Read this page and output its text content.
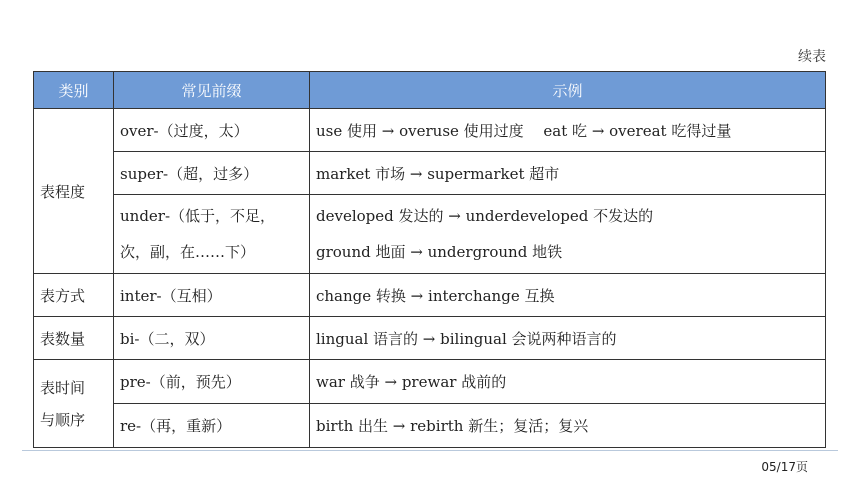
续表
类别	常见前缀	示例
表程度	over-（过度，太）	use 使用 → overuse 使用过度　 eat 吃 → overeat 吃得过量
	super-（超，过多）	market 市场 → supermarket 超市

	under-（低于，不足，
次，副，在……下）	developed 发达的 → underdeveloped 不发达的
ground 地面 → underground 地铁

表方式	inter-（互相）	change 转换 → interchange 互换
表数量	bi-（二，双）	lingual 语言的 → bilingual 会说两种语言的

表时间
与顺序	pre-（前，预先）	war 战争 → prewar 战前的
	re-（再，重新）	birth 出生 → rebirth 新生；复活；复兴
05/17页
